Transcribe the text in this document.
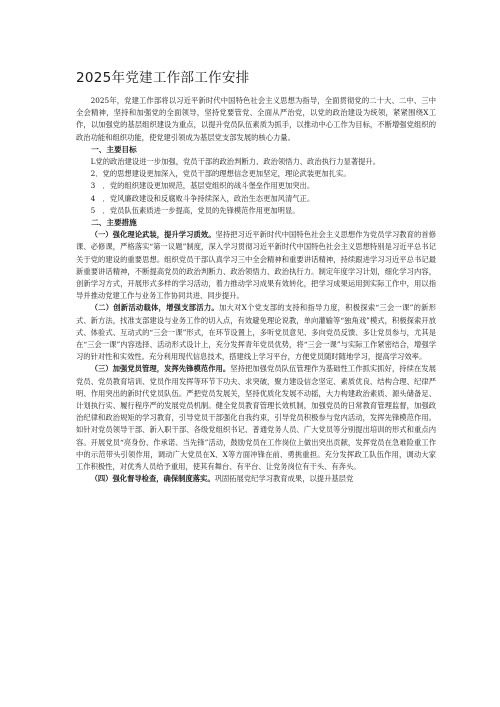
2025年党建工作部工作安排

2025年，党建工作部将以习近平新时代中国特色社会主义思想为指导，全面贯彻党的二十大、二中、三中全会精神，坚持和加强党的全面领导，坚持党要管党、全面从严治党，以党的政治建设为统领，紧紧围绕X工作，以加强党的基层组织建设为重点，以提升党员队伍素质为抓手，以推动中心工作为目标，不断增强党组织的政治功能和组织功能，使党建引领成为基层党支部发展的核心力量。

一、主要目标

L党的政治建设进一步加强，党员干部的政治判断力、政治领悟力、政治执行力显著提升。

2．党的思想建设更加深入，党员干部的理想信念更加坚定，理论武装更加扎实。

3　．党的组织建设更加规范，基层党组织的战斗堡垒作用更加突出。

4　．党风廉政建设和反腐败斗争持续深入，政治生态更加风清气正。

5　．党员队伍素质进一步提高，党员的先锋模范作用更加明显。

二、主要措施

（一）强化理论武装，提升学习质效。坚持把习近平新时代中国特色社会主义思想作为党员学习教育的首修课、必修课，严格落实“第一议题”制度，深入学习贯彻习近平新时代中国特色社会主义思想特别是习近平总书记关于党的建设的重要思想。组织党员干部认真学习三中全会精神和重要讲话精神，持续跟进学习习近平总书记最新重要讲话精神，不断提高党员的政治判断力、政治领悟力、政治执行力。制定年度学习计划，细化学习内容，创新学习方式，开展形式多样的学习活动，着力推动学习成果有效转化，把学习成果运用到实际工作中，用以指导并推动党建工作与业务工作协同共进、同步提升。

（二）创新活动载体，增强支部活力。加大对X个党支部的支持和指导力度，积极探索“三会一课”的新形式、新方法，找准支部建设与业务工作的切入点，有效避免理论说教，单向灌输等“独角戏”模式，积极探索开放式、体验式、互动式的“三会一课”形式，在环节设置上，多听党员意见、多向党员反馈、多让党员参与，尤其是在“三会一课”内容选择、活动形式设计上，充分发挥青年党员优势，将“三会一课”与实际工作紧密结合，增强学习的针对性和实效性。充分利用现代信息技术，搭建线上学习平台，方便党员随时随地学习，提高学习效率。

（三）加强党员管理，发挥先锋模范作用。坚持把加强党员队伍管理作为基础性工作抓实抓好，持续在发展党员、党员教育培训、党员作用发挥等环节下功夫、求突破，聚力建设信念坚定、素质优良、结构合理、纪律严明、作用突出的新时代党员队伍。严把党员发展关，坚持优质化发展不动摇，大力构建政治素质、源头储备足、计划执行实、履行程序严的发展党员机制。健全党员教育管理长效机制，加强党员的日常教育管理监督，加强政治纪律和政治规矩的学习教育，引导党员干部强化自我约束，引导党员积极参与党内活动，发挥先锋模范作用。如针对党员领导干部、新入职干部、各级党组织书记、普通党务人员、广大党员等分别提出培训的形式和重点内容。开展党员“亮身份、作承诺、当先锋”活动，鼓励党员在工作岗位上做出突出贡献，发挥党员在急难险重工作中的示范带头引领作用，调动广大党员在X、X等方面冲锋在前、勇挑重担。充分发挥政工队伍作用，调动大家工作积极性，对优秀人员给予重用，使其有舞台、有平台、让党务岗位有干头、有奔头。

（四）强化督导检查，确保制度落实。巩固拓展党纪学习教育成果，以提升基层党
